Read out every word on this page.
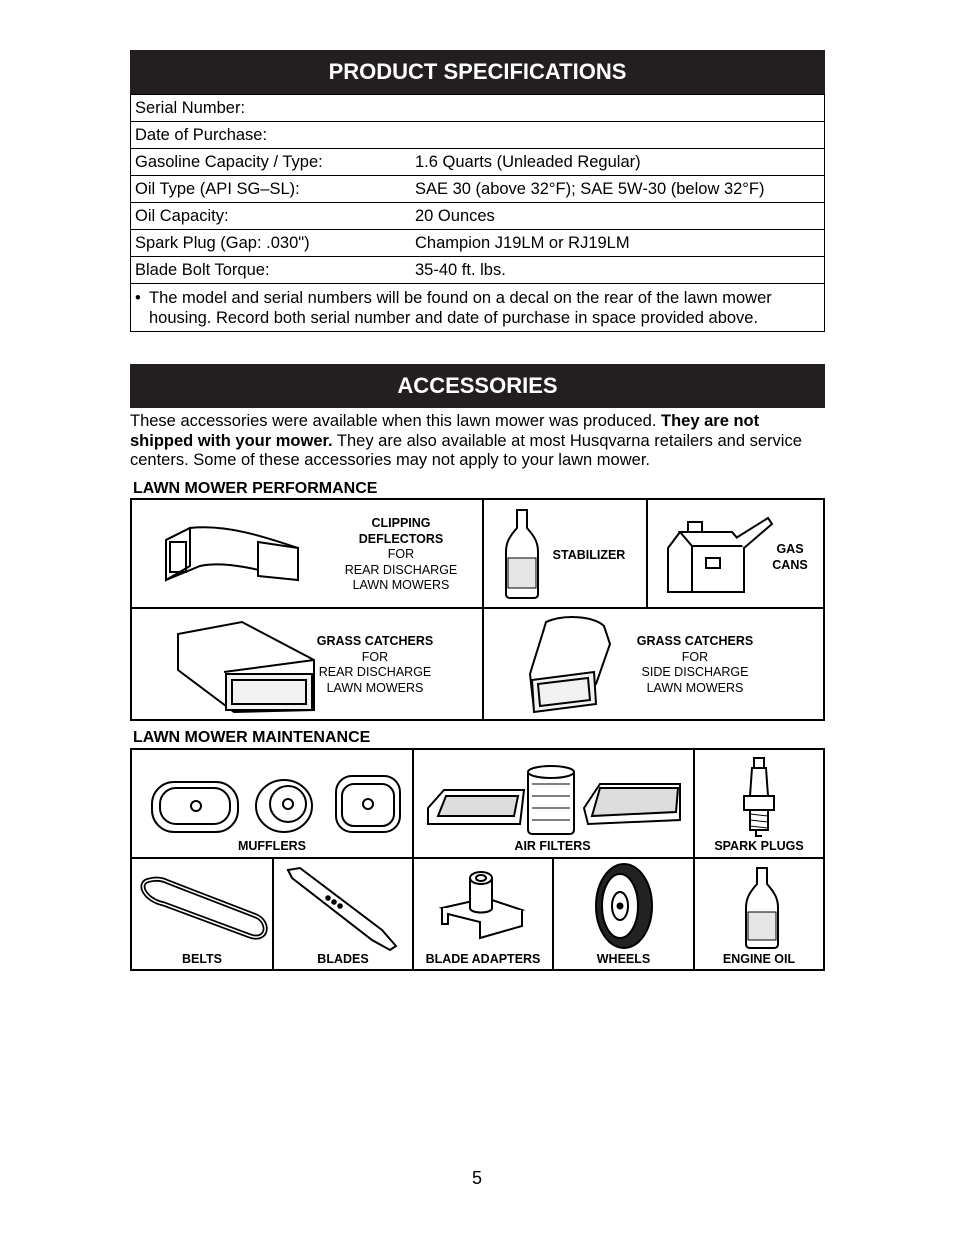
PRODUCT SPECIFICATIONS
Serial Number:	
Date of Purchase:	
Gasoline Capacity / Type:	1.6 Quarts (Unleaded Regular)
Oil Type (API SG–SL):	SAE 30 (above 32°F); SAE 5W-30 (below 32°F)
Oil Capacity:	20 Ounces
Spark Plug (Gap: .030")	Champion J19LM or RJ19LM
Blade Bolt Torque:	35-40 ft. lbs.

• The model and serial numbers will be found on a decal on the rear of the lawn mower housing. Record both serial number and date of purchase in space provided above.	
ACCESSORIES
These accessories were available when this lawn mower was produced. They are not shipped with your mower. They are also available at most Husqvarna retailers and service centers. Some of these accessories may not apply to your lawn mower.
LAWN MOWER PERFORMANCE
CLIPPING
DEFLECTORS
FOR
REAR DISCHARGE
LAWN MOWERS
STABILIZER	GAS
CANS
GRASS CATCHERS
FOR
REAR DISCHARGE
LAWN MOWERS
GRASS CATCHERS
FOR
SIDE DISCHARGE
LAWN MOWERS
LAWN MOWER MAINTENANCE
MUFFLERS	AIR FILTERS	SPARK PLUGS
BELTS	BLADES	BLADE ADAPTERS	WHEELS	ENGINE OIL
5
